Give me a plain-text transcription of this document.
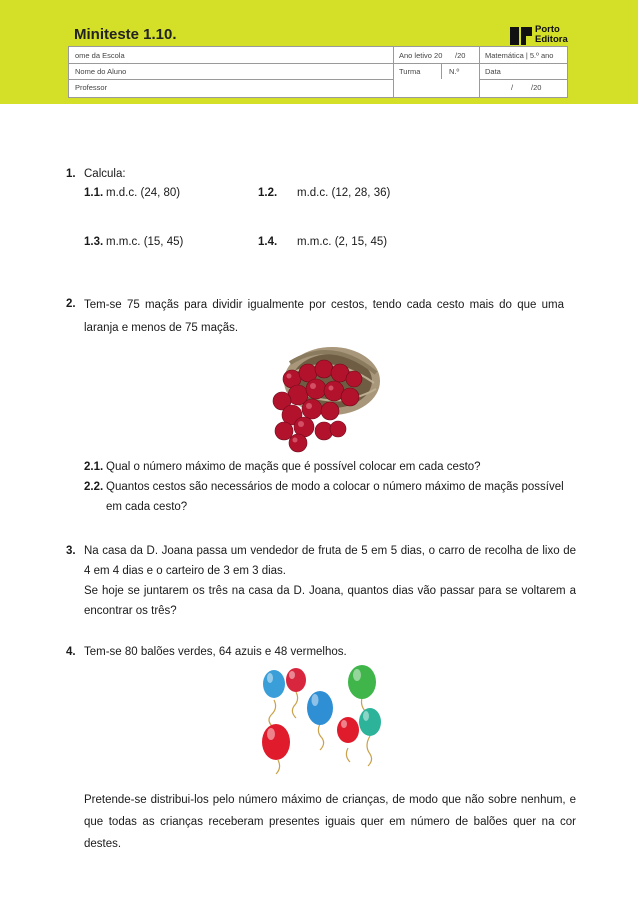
Miniteste 1.10.	Porto
Editora
ome da Escola	Ano letivo 20 /20	Matemática | 5.º ano
Nome do Aluno	Turma	N.º	Data
Professor	/ /20
1. Calcula:
1.1. m.d.c. (24, 80)	1.2. m.d.c. (12, 28, 36)
1.3. m.m.c. (15, 45)	1.4. m.m.c. (2, 15, 45)
2. Tem-se 75 maçãs para dividir igualmente por cestos, tendo cada cesto mais do que uma laranja e menos de 75 maçãs.
2.1. Qual o número máximo de maçãs que é possível colocar em cada cesto?
2.2. Quantos cestos são necessários de modo a colocar o número máximo de maçãs possível
em cada cesto?
3. Na casa da D. Joana passa um vendedor de fruta de 5 em 5 dias, o carro de recolha de lixo de 4 em 4 dias e o carteiro de 3 em 3 dias.
Se hoje se juntarem os três na casa da D. Joana, quantos dias vão passar para se voltarem a encontrar os três?
4. Tem-se 80 balões verdes, 64 azuis e 48 vermelhos.
Pretende-se distribui-los pelo número máximo de crianças, de modo que não sobre nenhum, e que todas as crianças receberam presentes iguais quer em número de balões quer na cor destes.
